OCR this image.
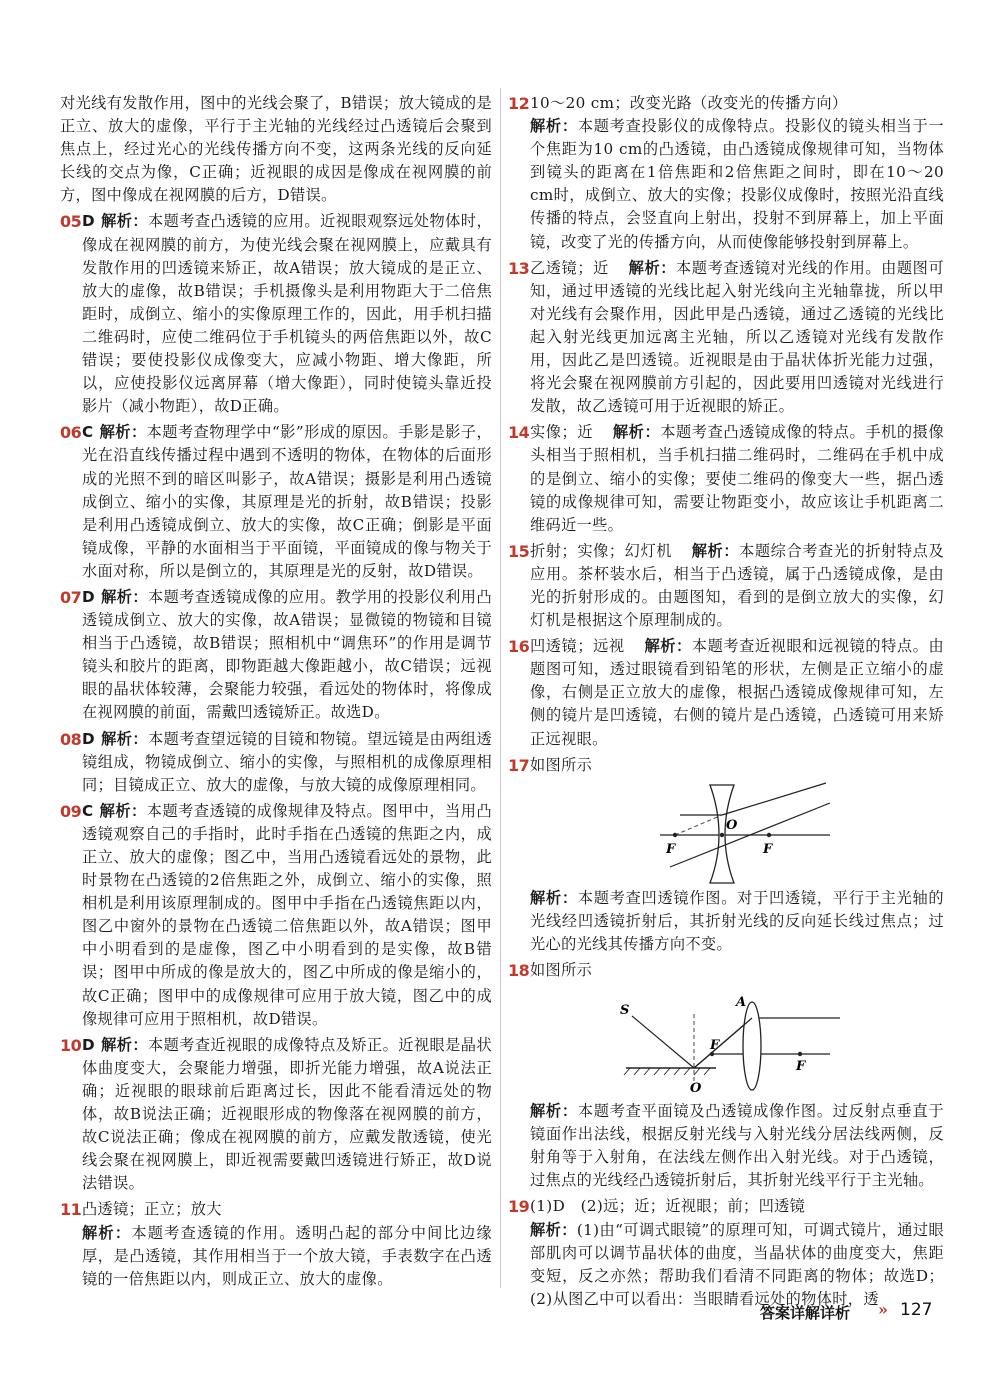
对光线有发散作用，图中的光线会聚了，B错误；放大镜成的是正立、放大的虚像，平行于主光轴的光线经过凸透镜后会聚到焦点上，经过光心的光线传播方向不变，这两条光线的反向延长线的交点为像，C正确；近视眼的成因是像成在视网膜的前方，图中像成在视网膜的后方，D错误。

05 D 解析：本题考查凸透镜的应用。近视眼观察远处物体时，像成在视网膜的前方，为使光线会聚在视网膜上，应戴具有发散作用的凹透镜来矫正，故A错误；放大镜成的是正立、放大的虚像，故B错误；手机摄像头是利用物距大于二倍焦距时，成倒立、缩小的实像原理工作的，因此，用手机扫描二维码时，应使二维码位于手机镜头的两倍焦距以外，故C错误；要使投影仪成像变大，应减小物距、增大像距，所以，应使投影仪远离屏幕（增大像距），同时使镜头靠近投影片（减小物距），故D正确。

06 C 解析：本题考查物理学中“影”形成的原因。手影是影子，光在沿直线传播过程中遇到不透明的物体，在物体的后面形成的光照不到的暗区叫影子，故A错误；摄影是利用凸透镜成倒立、缩小的实像，其原理是光的折射，故B错误；投影是利用凸透镜成倒立、放大的实像，故C正确；倒影是平面镜成像，平静的水面相当于平面镜，平面镜成的像与物关于水面对称，所以是倒立的，其原理是光的反射，故D错误。

07 D 解析：本题考查透镜成像的应用。教学用的投影仪利用凸透镜成倒立、放大的实像，故A错误；显微镜的物镜和目镜相当于凸透镜，故B错误；照相机中“调焦环”的作用是调节镜头和胶片的距离，即物距越大像距越小，故C错误；远视眼的晶状体较薄，会聚能力较强，看远处的物体时，将像成在视网膜的前面，需戴凹透镜矫正。故选D。

08 D 解析：本题考查望远镜的目镜和物镜。望远镜是由两组透镜组成，物镜成倒立、缩小的实像，与照相机的成像原理相同；目镜成正立、放大的虚像，与放大镜的成像原理相同。

09 C 解析：本题考查透镜的成像规律及特点。图甲中，当用凸透镜观察自己的手指时，此时手指在凸透镜的焦距之内，成正立、放大的虚像；图乙中，当用凸透镜看远处的景物，此时景物在凸透镜的2倍焦距之外，成倒立、缩小的实像，照相机是利用该原理制成的。图甲中手指在凸透镜焦距以内，图乙中窗外的景物在凸透镜二倍焦距以外，故A错误；图甲中小明看到的是虚像，图乙中小明看到的是实像，故B错误；图甲中所成的像是放大的，图乙中所成的像是缩小的，故C正确；图甲中的成像规律可应用于放大镜，图乙中的成像规律可应用于照相机，故D错误。

10 D 解析：本题考查近视眼的成像特点及矫正。近视眼是晶状体曲度变大，会聚能力增强，即折光能力增强，故A说法正确；近视眼的眼球前后距离过长，因此不能看清远处的物体，故B说法正确；近视眼形成的物像落在视网膜的前方，故C说法正确；像成在视网膜的前方，应戴发散透镜，使光线会聚在视网膜上，即近视需要戴凹透镜进行矫正，故D说法错误。

11 凸透镜；正立；放大

解析：本题考查透镜的作用。透明凸起的部分中间比边缘厚，是凸透镜，其作用相当于一个放大镜，手表数字在凸透镜的一倍焦距以内，则成正立、放大的虚像。

12 10～20 cm；改变光路（改变光的传播方向）

解析：本题考查投影仪的成像特点。投影仪的镜头相当于一个焦距为10 cm的凸透镜，由凸透镜成像规律可知，当物体到镜头的距离在1倍焦距和2倍焦距之间时，即在10～20 cm时，成倒立、放大的实像；投影仪成像时，按照光沿直线传播的特点，会竖直向上射出，投射不到屏幕上，加上平面镜，改变了光的传播方向，从而使像能够投射到屏幕上。

13 乙透镜；近　 解析：本题考查透镜对光线的作用。由题图可知，通过甲透镜的光线比起入射光线向主光轴靠拢，所以甲对光线有会聚作用，因此甲是凸透镜，通过乙透镜的光线比起入射光线更加远离主光轴，所以乙透镜对光线有发散作用，因此乙是凹透镜。近视眼是由于晶状体折光能力过强，将光会聚在视网膜前方引起的，因此要用凹透镜对光线进行发散，故乙透镜可用于近视眼的矫正。

14 实像；近　 解析：本题考查凸透镜成像的特点。手机的摄像头相当于照相机，当手机扫描二维码时，二维码在手机中成的是倒立、缩小的实像；要使二维码的像变大一些，据凸透镜的成像规律可知，需要让物距变小，故应该让手机距离二维码近一些。

15 折射；实像；幻灯机　 解析：本题综合考查光的折射特点及应用。茶杯装水后，相当于凸透镜，属于凸透镜成像，是由光的折射形成的。由题图知，看到的是倒立放大的实像，幻灯机是根据这个原理制成的。

16 凹透镜；远视　 解析：本题考查近视眼和远视镜的特点。由题图可知，透过眼镜看到铅笔的形状，左侧是正立缩小的虚像，右侧是正立放大的虚像，根据凸透镜成像规律可知，左侧的镜片是凹透镜，右侧的镜片是凸透镜，凸透镜可用来矫正远视眼。

17 如图所示

F
O
F

解析：本题考查凹透镜作图。对于凹透镜，平行于主光轴的光线经凹透镜折射后，其折射光线的反向延长线过焦点；过光心的光线其传播方向不变。

18 如图所示

S
A
O
F
F

解析：本题考查平面镜及凸透镜成像作图。过反射点垂直于镜面作出法线，根据反射光线与入射光线分居法线两侧，反射角等于入射角，在法线左侧作出入射光线。对于凸透镜，过焦点的光线经凸透镜折射后，其折射光线平行于主光轴。

19 (1)D　(2)远；近；近视眼；前；凹透镜

解析：(1)由“可调式眼镜”的原理可知，可调式镜片，通过眼部肌肉可以调节晶状体的曲度，当晶状体的曲度变大，焦距变短，反之亦然；帮助我们看清不同距离的物体；故选D；(2)从图乙中可以看出：当眼睛看远处的物体时，透

答案详解详析 » 127
